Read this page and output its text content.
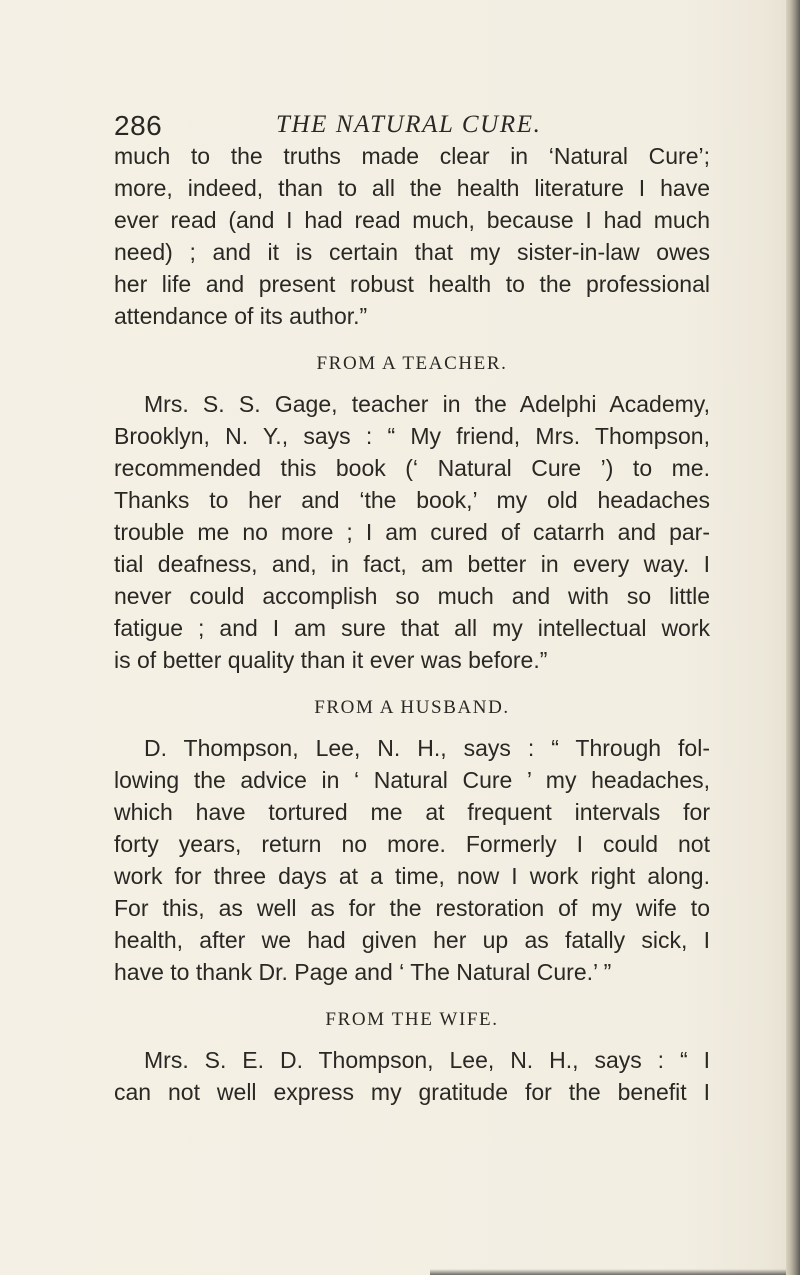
286	THE NATURAL CURE.
much to the truths made clear in ‘Natural Cure’;
more, indeed, than to all the health literature I have
ever read (and I had read much, because I had much
need) ; and it is certain that my sister-in-law owes
her life and present robust health to the professional
attendance of its author.”
FROM A TEACHER.
Mrs. S. S. Gage, teacher in the Adelphi Academy,
Brooklyn, N. Y., says : “ My friend, Mrs. Thompson,
recommended this book (‘ Natural Cure ’) to me.
Thanks to her and ‘the book,’ my old headaches
trouble me no more ; I am cured of catarrh and par-
tial deafness, and, in fact, am better in every way. I
never could accomplish so much and with so little
fatigue ; and I am sure that all my intellectual work
is of better quality than it ever was before.”
FROM A HUSBAND.
D. Thompson, Lee, N. H., says : “ Through fol-
lowing the advice in ‘ Natural Cure ’ my headaches,
which have tortured me at frequent intervals for
forty years, return no more. Formerly I could not
work for three days at a time, now I work right along.
For this, as well as for the restoration of my wife to
health, after we had given her up as fatally sick, I
have to thank Dr. Page and ‘ The Natural Cure.’ ”
FROM THE WIFE.
Mrs. S. E. D. Thompson, Lee, N. H., says : “ I
can not well express my gratitude for the benefit I
